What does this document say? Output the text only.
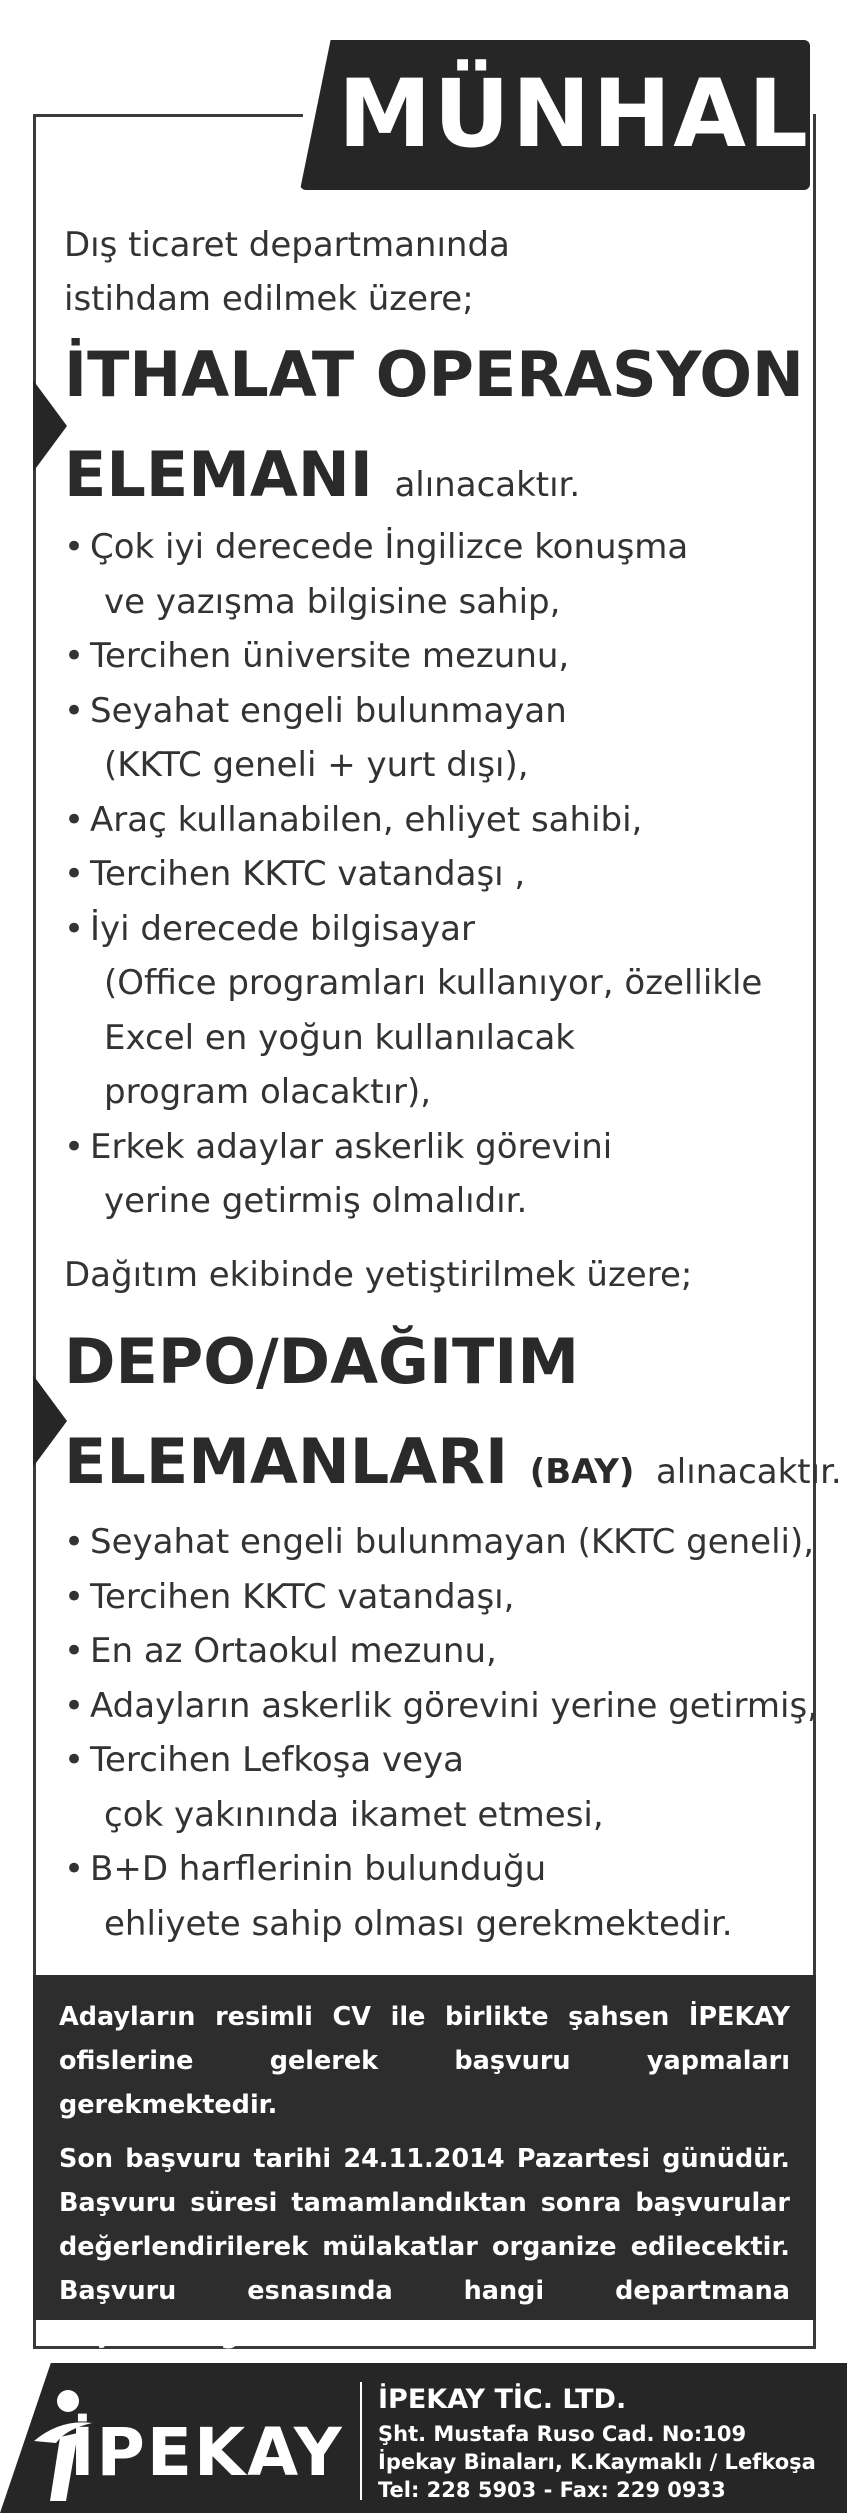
MÜNHAL
Dış ticaret departmanında
istihdam edilmek üzere;
İTHALAT OPERASYON
ELEMANI alınacaktır.
• Çok iyi derecede İngilizce konuşma
ve yazışma bilgisine sahip,
• Tercihen üniversite mezunu,
• Seyahat engeli bulunmayan
(KKTC geneli + yurt dışı),
• Araç kullanabilen, ehliyet sahibi,
• Tercihen KKTC vatandaşı ,
• İyi derecede bilgisayar
(Office programları kullanıyor, özellikle
Excel en yoğun kullanılacak
program olacaktır),
• Erkek adaylar askerlik görevini
yerine getirmiş olmalıdır.
Dağıtım ekibinde yetiştirilmek üzere;
DEPO/DAĞITIM
ELEMANLARI (BAY) alınacaktır.
• Seyahat engeli bulunmayan (KKTC geneli),
• Tercihen KKTC vatandaşı,
• En az Ortaokul mezunu,
• Adayların askerlik görevini yerine getirmiş,
• Tercihen Lefkoşa veya
çok yakınında ikamet etmesi,
• B+D harflerinin bulunduğu
ehliyete sahip olması gerekmektedir.

Adayların resimli CV ile birlikte şahsen İPEKAY ofislerine gelerek başvuru yapmaları gerekmektedir.

Son başvuru tarihi 24.11.2014 Pazartesi günüdür. Başvuru süresi tamamlandıktan sonra başvurular değerlendirilerek mülakatlar organize edilecektir. Başvuru esnasında hangi departmana başvurulduğu belirtilecektir.

İPEKAY
İPEKAY TİC. LTD.
Şht. Mustafa Ruso Cad. No:109
İpekay Binaları, K.Kaymaklı / Lefkoşa
Tel: 228 5903 - Fax: 229 0933
